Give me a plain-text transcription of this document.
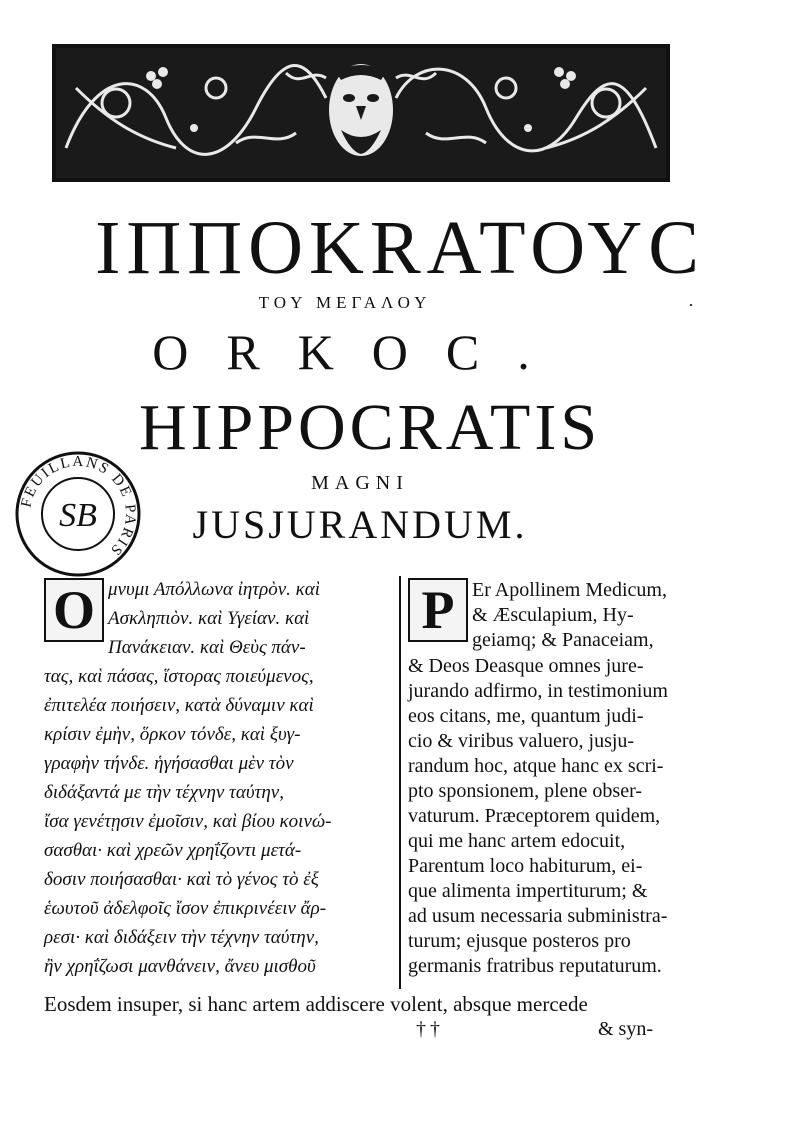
ΙΠΠΟΚRΑΤΟΥC
ΤΟΥ ΜΕΓΑΛΟΥ	·
ORKOC.
HIPPOCRATIS
MAGNI
JUSJURANDUM.
FEUILLANS DE PARIS
SB
Ο μνυμι Απόλλωνα ἰητρὸν. καὶ
Ασκληπιὸν. καὶ Υγείαν. καὶ
Πανάκειαν. καὶ Θεὺς πάν-
τας, καὶ πάσας, ἵστορας ποιεύμενος,
ἐπιτελέα ποιήσειν, κατὰ δύναμιν καὶ
κρίσιν ἐμὴν, ὅρκον τόνδε, καὶ ξυγ-
γραφὴν τήνδε. ἡγήσασθαι μὲν τὸν
διδάξαντά με τὴν τέχνην ταύτην,
ἴσα γενέτῃσιν ἐμοῖσιν, καὶ βίου κοινώ-
σασθαι· καὶ χρεῶν χρηΐζοντι μετά-
δοσιν ποιήσασθαι· καὶ τὸ γένος τὸ ἐξ
ἑωυτοῦ ἀδελφοῖς ἴσον ἐπικρινέειν ἄρ-
ρεσι· καὶ διδάξειν τὴν τέχνην ταύτην,
ἢν χρηΐζωσι μανθάνειν, ἄνευ μισθοῦ
P Er Apollinem Medicum,
& Æsculapium, Hy-
geiamq; & Panaceiam,
& Deos Deasque omnes jure-
jurando adfirmo, in testimonium
eos citans, me, quantum judi-
cio & viribus valuero, jusju-
randum hoc, atque hanc ex scri-
pto sponsionem, plene obser-
vaturum. Præceptorem quidem,
qui me hanc artem edocuit,
Parentum loco habiturum, ei-
que alimenta impertiturum; &
ad usum necessaria subministra-
turum; ejusque posteros pro
germanis fratribus reputaturum.
Eosdem insuper, si hanc artem addiscere volent, absque mercede
††	& syn-
